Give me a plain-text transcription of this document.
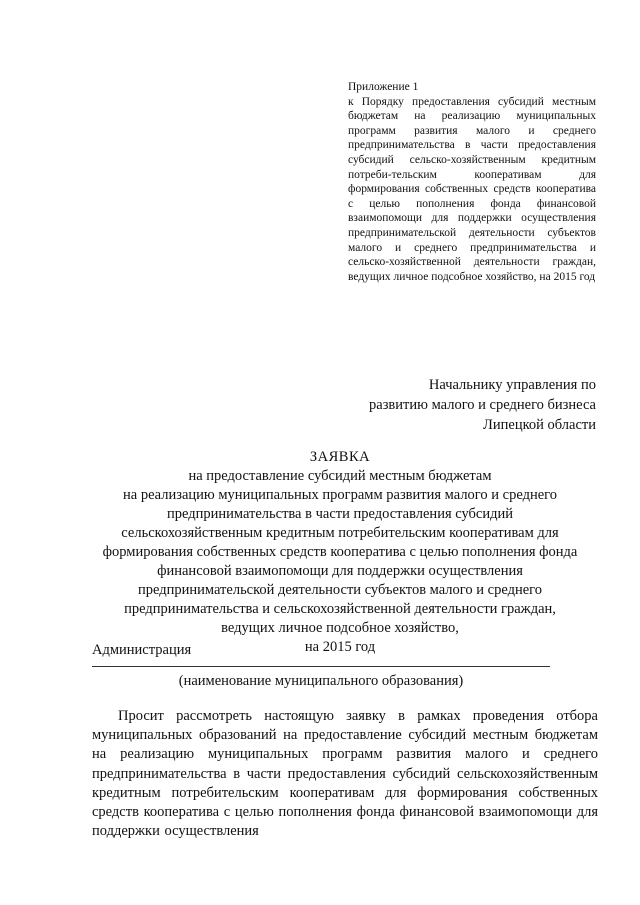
Приложение 1
к Порядку предоставления субсидий местным бюджетам на реализацию муниципальных программ развития малого и среднего предпринимательства в части предоставления субсидий сельско-хозяйственным кредитным потреби-тельским кооперативам для формирования собственных средств кооператива с целью пополнения фонда финансовой взаимопомощи для поддержки осуществления предпринимательской деятельности субъектов малого и среднего предпринимательства и сельско-хозяйственной деятельности граждан, ведущих личное подсобное хозяйство, на 2015 год
Начальнику управления по
развитию малого и среднего бизнеса
Липецкой области
ЗАЯВКА
на предоставление субсидий местным бюджетам
на реализацию муниципальных программ развития малого и среднего
предпринимательства в части предоставления субсидий
сельскохозяйственным кредитным потребительским кооперативам для
формирования собственных средств кооператива с целью пополнения фонда
финансовой взаимопомощи для поддержки осуществления
предпринимательской деятельности субъектов малого и среднего
предпринимательства и сельскохозяйственной деятельности граждан,
ведущих личное подсобное хозяйство,
на 2015 год
Администрация
(наименование муниципального образования)
Просит рассмотреть настоящую заявку в рамках проведения отбора муниципальных образований на предоставление субсидий местным бюджетам на реализацию муниципальных программ развития малого и среднего предпринимательства в части предоставления субсидий сельскохозяйственным кредитным потребительским кооперативам для формирования собственных средств кооператива с целью пополнения фонда финансовой взаимопомощи для поддержки осуществления
